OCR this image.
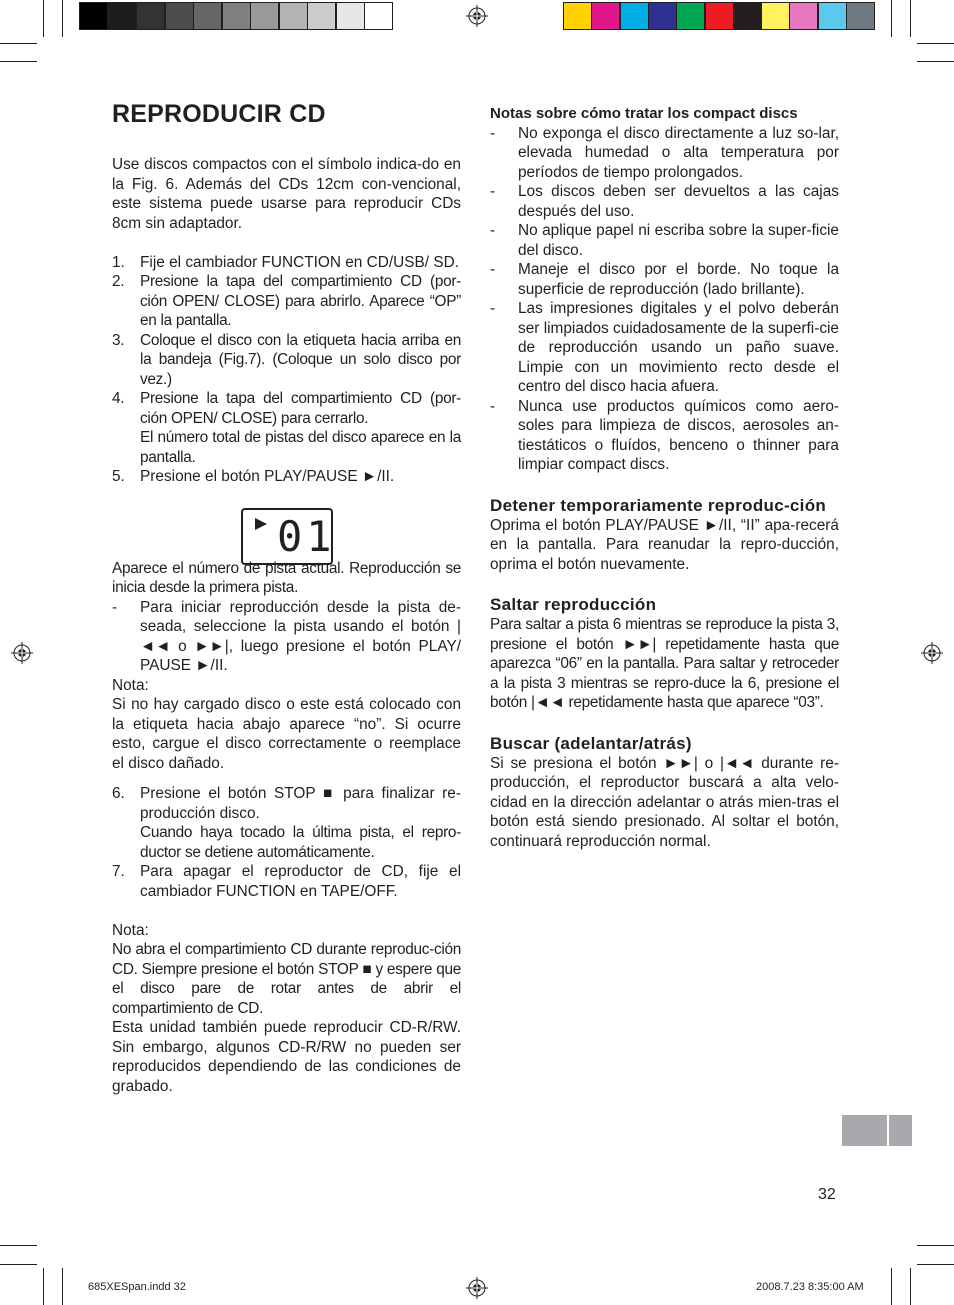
REPRODUCIR CD

Use discos compactos con el símbolo indica-do en la Fig. 6. Además del CDs 12cm con-vencional, este sistema puede usarse para reproducir CDs 8cm sin adaptador.

1. Fije el cambiador FUNCTION en CD/USB/ SD.
2. Presione la tapa del compartimiento CD (por-ción OPEN/ CLOSE) para abrirlo. Aparece “OP” en la pantalla.
3. Coloque el disco con la etiqueta hacia arriba en la bandeja (Fig.7). (Coloque un solo disco por vez.)
4. Presione la tapa del compartimiento CD (por-ción OPEN/ CLOSE) para cerrarlo.
El número total de pistas del disco aparece en la pantalla.
5. Presione el botón PLAY/PAUSE ►/II.

Aparece el número de pista actual. Reproducción se inicia desde la primera pista.

- Para iniciar reproducción desde la pista de-seada, seleccione la pista usando el botón |◄◄ o ►►|, luego presione el botón PLAY/ PAUSE ►/II.

Nota:

Si no hay cargado disco o este está colocado con la etiqueta hacia abajo aparece “no”. Si ocurre esto, cargue el disco correctamente o reemplace el disco dañado.

6. Presione el botón STOP ■ para finalizar re-producción disco.
Cuando haya tocado la última pista, el repro-ductor se detiene automáticamente.
7. Para apagar el reproductor de CD, fije el cambiador FUNCTION en TAPE/OFF.

Nota:

No abra el compartimiento CD durante reproduc-ción CD. Siempre presione el botón STOP ■ y espere que el disco pare de rotar antes de abrir el compartimiento de CD.

Esta unidad también puede reproducir CD-R/RW. Sin embargo, algunos CD-R/RW no pueden ser reproducidos dependiendo de las condiciones de grabado.

01

Notas sobre cómo tratar los compact discs

- No exponga el disco directamente a luz so-lar, elevada humedad o alta temperatura por períodos de tiempo prolongados.
- Los discos deben ser devueltos a las cajas después del uso.
- No aplique papel ni escriba sobre la super-ficie del disco.
- Maneje el disco por el borde. No toque la superficie de reproducción (lado brillante).
- Las impresiones digitales y el polvo deberán ser limpiados cuidadosamente de la superfi-cie de reproducción usando un paño suave. Limpie con un movimiento recto desde el centro del disco hacia afuera.
- Nunca use productos químicos como aero-soles para limpieza de discos, aerosoles an-tiestáticos o fluídos, benceno o thinner para limpiar compact discs.

Detener temporariamente reproduc-ción

Oprima el botón PLAY/PAUSE ►/II, “II” apa-recerá en la pantalla. Para reanudar la repro-ducción, oprima el botón nuevamente.

Saltar reproducción

Para saltar a pista 6 mientras se reproduce la pista 3, presione el botón ►►| repetidamente hasta que aparezca “06” en la pantalla. Para saltar y retroceder a la pista 3 mientras se repro-duce la 6, presione el botón |◄◄ repetidamente hasta que aparece “03”.

Buscar (adelantar/atrás)

Si se presiona el botón ►►| o |◄◄ durante re-producción, el reproductor buscará a alta velo-cidad en la dirección adelantar o atrás mien-tras el botón está siendo presionado. Al soltar el botón, continuará reproducción normal.

32
685XESpan.indd 32	2008.7.23 8:35:00 AM
